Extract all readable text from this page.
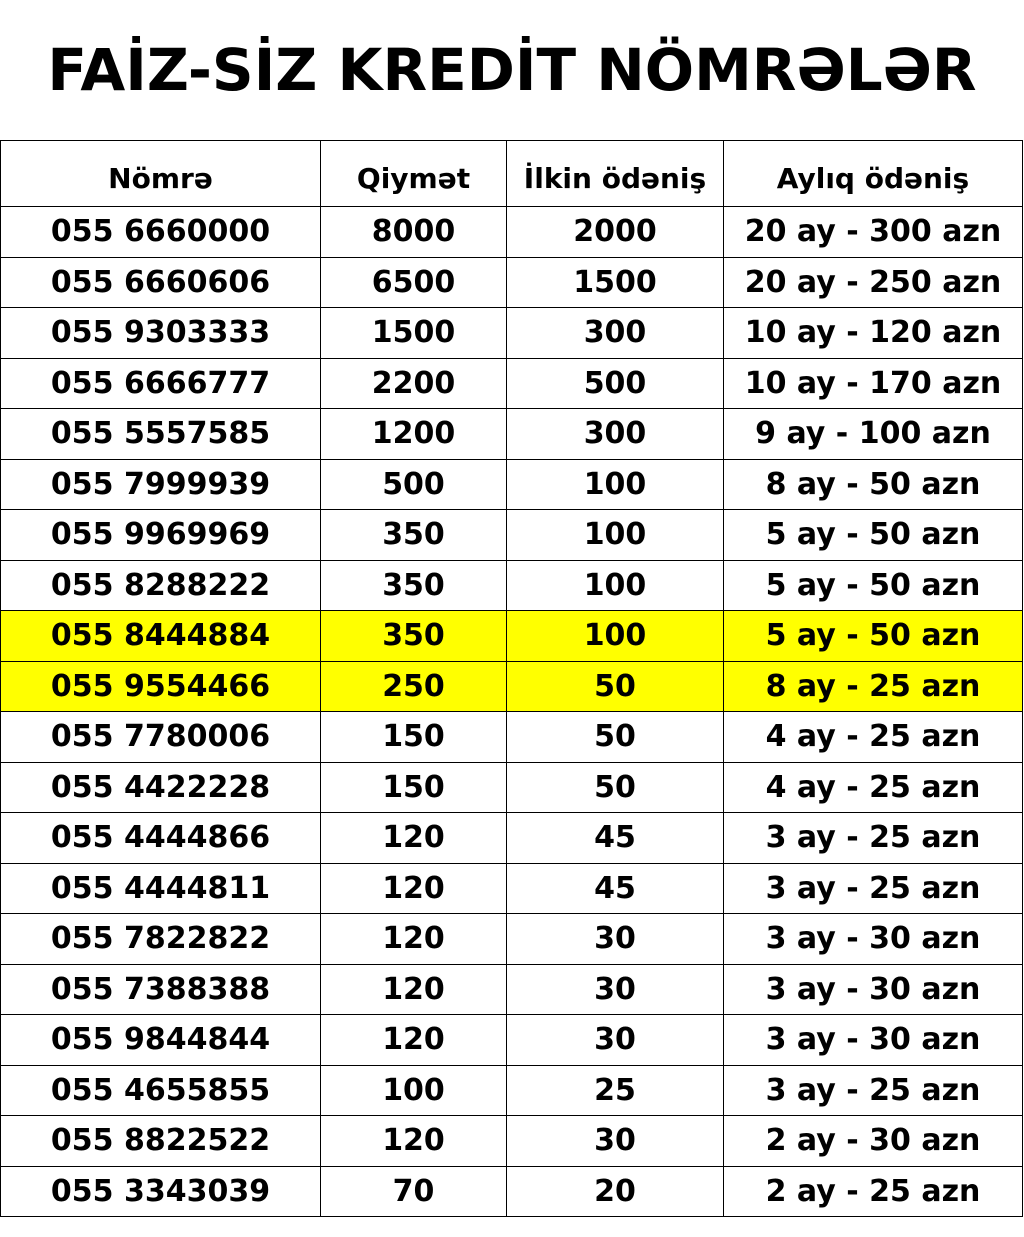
FAİZ-SİZ KREDİT NÖMRƏLƏR
Nömrə	Qiymət	İlkin ödəniş	Aylıq ödəniş
055 6660000	8000	2000	20 ay - 300 azn
055 6660606	6500	1500	20 ay - 250 azn
055 9303333	1500	300	10 ay - 120 azn
055 6666777	2200	500	10 ay - 170 azn
055 5557585	1200	300	9 ay - 100 azn
055 7999939	500	100	8 ay - 50 azn
055 9969969	350	100	5 ay - 50 azn
055 8288222	350	100	5 ay - 50 azn
055 8444884	350	100	5 ay - 50 azn
055 9554466	250	50	8 ay - 25 azn
055 7780006	150	50	4 ay - 25 azn
055 4422228	150	50	4 ay - 25 azn
055 4444866	120	45	3 ay - 25 azn
055 4444811	120	45	3 ay - 25 azn
055 7822822	120	30	3 ay - 30 azn
055 7388388	120	30	3 ay - 30 azn
055 9844844	120	30	3 ay - 30 azn
055 4655855	100	25	3 ay - 25 azn
055 8822522	120	30	2 ay - 30 azn
055 3343039	70	20	2 ay - 25 azn
